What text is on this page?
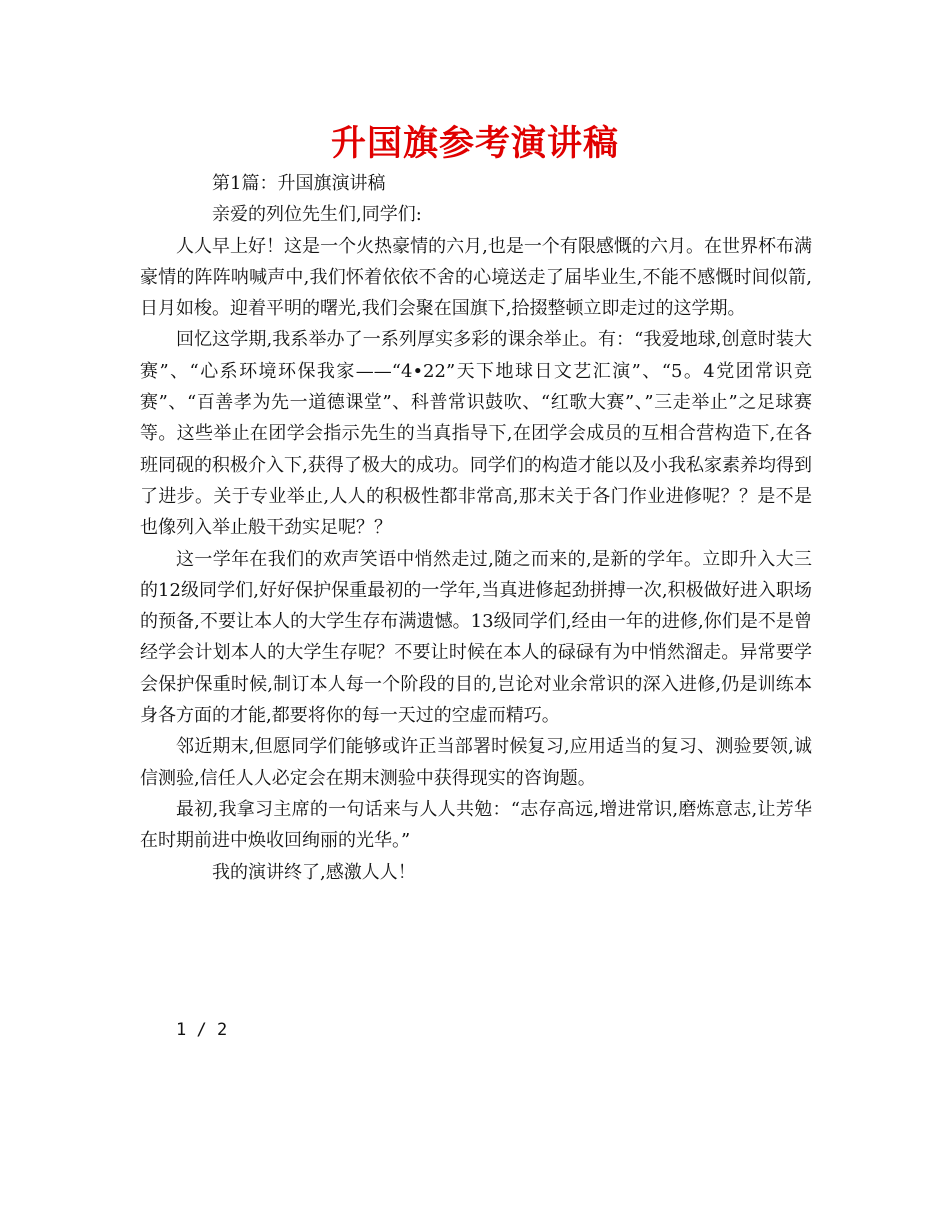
升国旗参考演讲稿

第1篇：升国旗演讲稿

亲爱的列位先生们,同学们:

人人早上好！这是一个火热豪情的六月,也是一个有限感慨的六月。在世界杯布满豪情的阵阵呐喊声中,我们怀着依依不舍的心境送走了届毕业生,不能不感慨时间似箭,日月如梭。迎着平明的曙光,我们会聚在国旗下,拾掇整顿立即走过的这学期。

回忆这学期,我系举办了一系列厚实多彩的课余举止。有：“我爱地球,创意时装大赛”、“心系环境环保我家——“4•22”天下地球日文艺汇演”、“5。4党团常识竞赛”、“百善孝为先一道德课堂”、科普常识鼓吹、“红歌大赛”、”三走举止”之足球赛等。这些举止在团学会指示先生的当真指导下,在团学会成员的互相合营构造下,在各班同砚的积极介入下,获得了极大的成功。同学们的构造才能以及小我私家素养均得到了进步。关于专业举止,人人的积极性都非常高,那末关于各门作业进修呢？？是不是也像列入举止般干劲实足呢？？

这一学年在我们的欢声笑语中悄然走过,随之而来的,是新的学年。立即升入大三的12级同学们,好好保护保重最初的一学年,当真进修起劲拼搏一次,积极做好进入职场的预备,不要让本人的大学生存布满遗憾。13级同学们,经由一年的进修,你们是不是曾经学会计划本人的大学生存呢？不要让时候在本人的碌碌有为中悄然溜走。异常要学会保护保重时候,制订本人每一个阶段的目的,岂论对业余常识的深入进修,仍是训练本身各方面的才能,都要将你的每一天过的空虚而精巧。

邻近期末,但愿同学们能够或许正当部署时候复习,应用适当的复习、测验要领,诚信测验,信任人人必定会在期末测验中获得现实的咨询题。

最初,我拿习主席的一句话来与人人共勉：“志存高远,增进常识,磨炼意志,让芳华在时期前进中焕收回绚丽的光华。”

我的演讲终了,感激人人！

1 / 2
